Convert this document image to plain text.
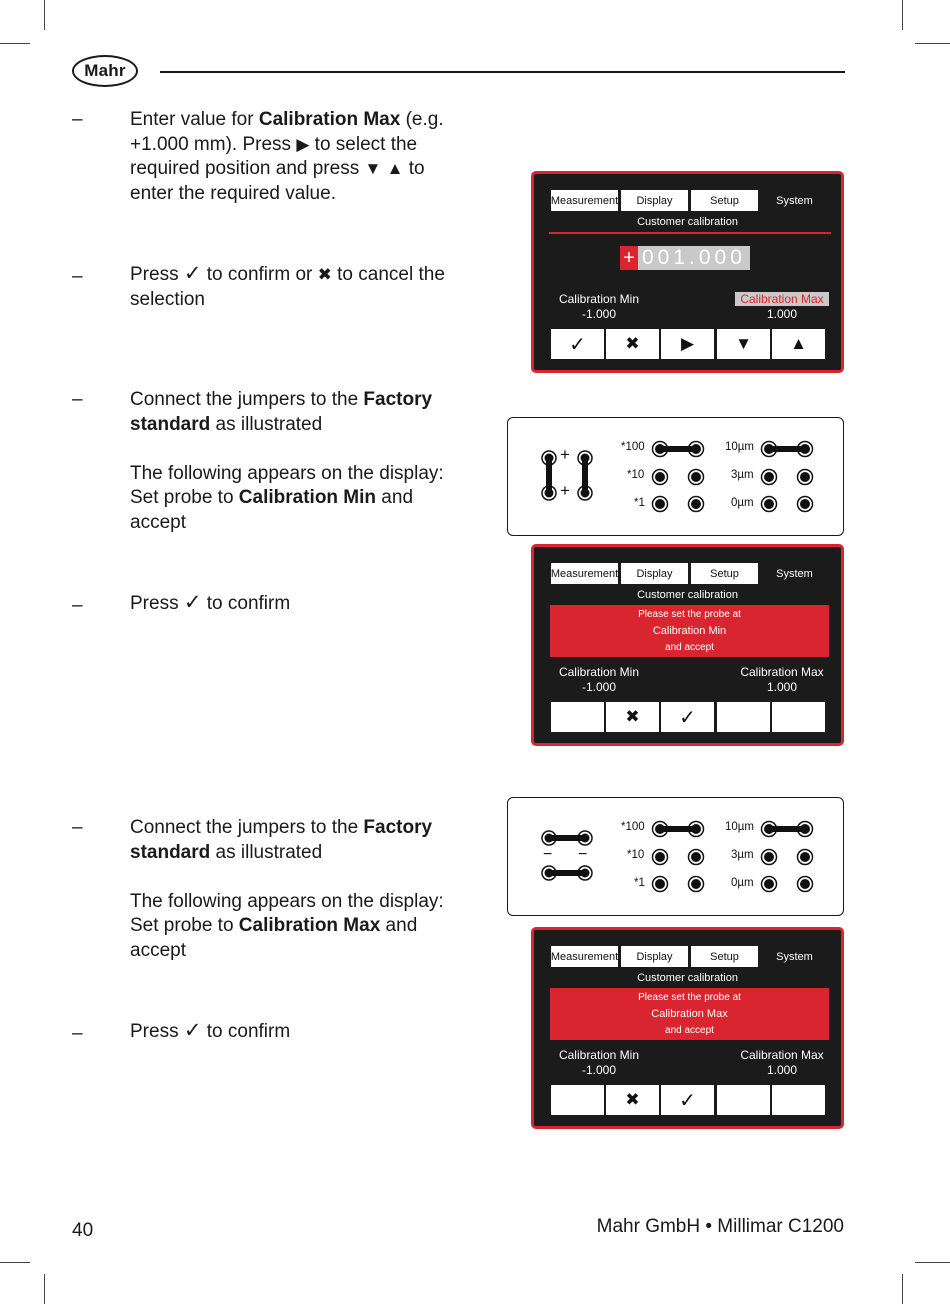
Mahr
– Enter value for Calibration Max (e.g. +1.000 mm). Press ▶ to select the required position and press ▼ ▲ to enter the required value.
– Press ✓ to confirm or ✖ to cancel the selection
– Connect the jumpers to the Factory standard as illustrated

The following appears on the display:
Set probe to Calibration Min and accept
– Press ✓ to confirm
– Connect the jumpers to the Factory standard as illustrated

The following appears on the display:
Set probe to Calibration Max and accept
– Press ✓ to confirm
Measurement	Display	Setup	System
Customer calibration
+ 001.000
Calibration Min
-1.000
Calibration Max
1.000
✓	✖	▶	▼	▲
+
+
*100
*10
*1
10µm
3µm
0µm
Measurement	Display	Setup	System
Customer calibration
Please set the probe at
Calibration Min
and accept
Calibration Min
-1.000
Calibration Max
1.000
✖	✓
− −
*100
*10
*1
10µm
3µm
0µm
Measurement	Display	Setup	System
Customer calibration
Please set the probe at
Calibration Max
and accept
Calibration Min
-1.000
Calibration Max
1.000
✖	✓
40	Mahr GmbH • Millimar C1200
